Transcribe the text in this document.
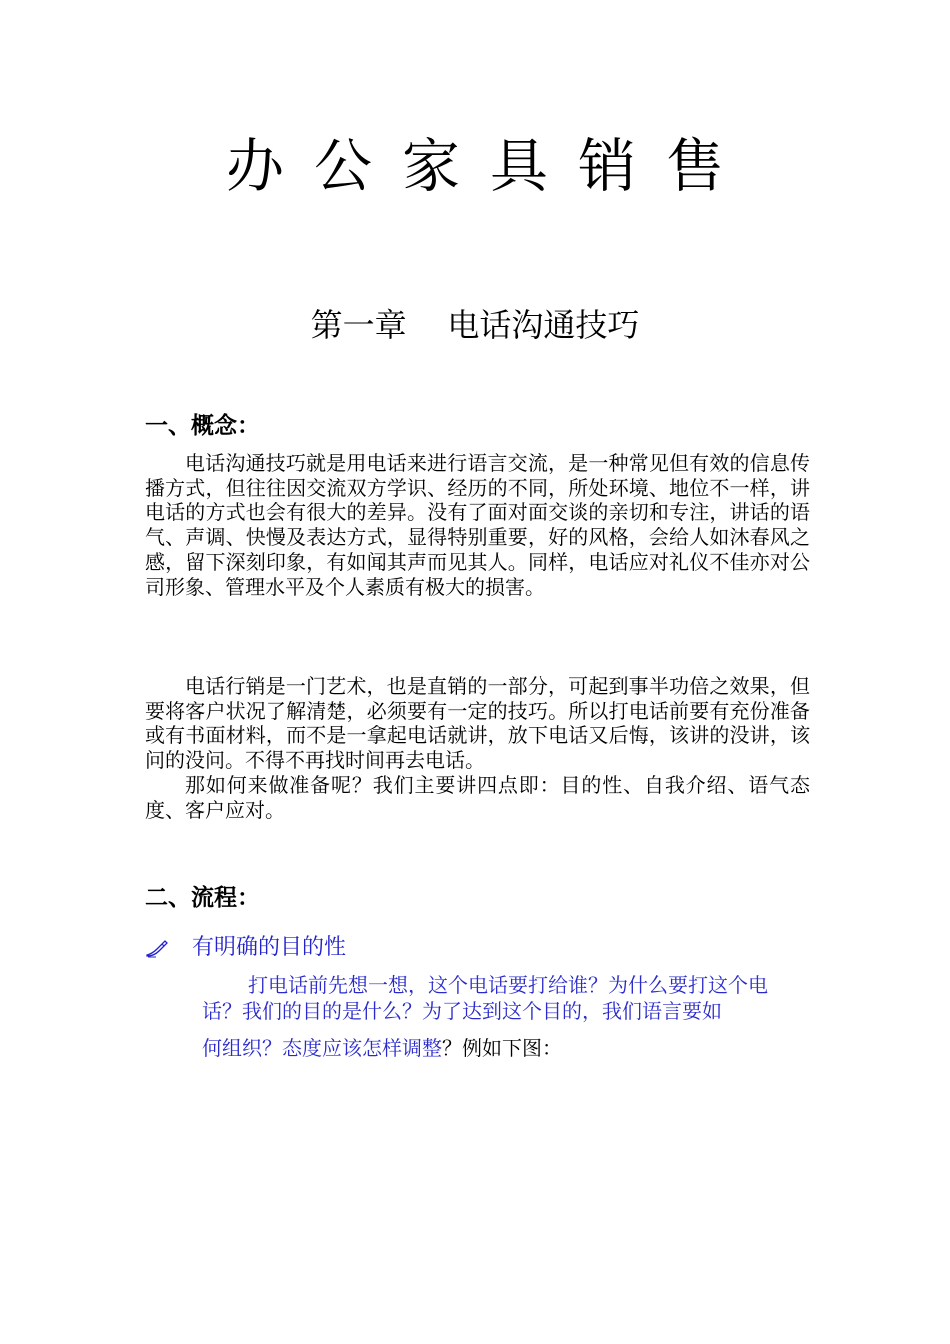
办公家具销售
第一章    电话沟通技巧
一、概念：

电话沟通技巧就是用电话来进行语言交流，是一种常见但有效的信息传播方式，但往往因交流双方学识、经历的不同，所处环境、地位不一样，讲电话的方式也会有很大的差异。没有了面对面交谈的亲切和专注，讲话的语气、声调、快慢及表达方式，显得特别重要，好的风格，会给人如沐春风之感，留下深刻印象，有如闻其声而见其人。同样，电话应对礼仪不佳亦对公司形象、管理水平及个人素质有极大的损害。

电话行销是一门艺术，也是直销的一部分，可起到事半功倍之效果，但要将客户状况了解清楚，必须要有一定的技巧。所以打电话前要有充份准备或有书面材料，而不是一拿起电话就讲，放下电话又后悔，该讲的没讲，该问的没问。不得不再找时间再去电话。

那如何来做准备呢？我们主要讲四点即：目的性、自我介绍、语气态度、客户应对。

二、流程：
有明确的目的性

打电话前先想一想，这个电话要打给谁？为什么要打这个电话？我们的目的是什么？为了达到这个目的，我们语言要如

何组织？态度应该怎样调整？例如下图：
